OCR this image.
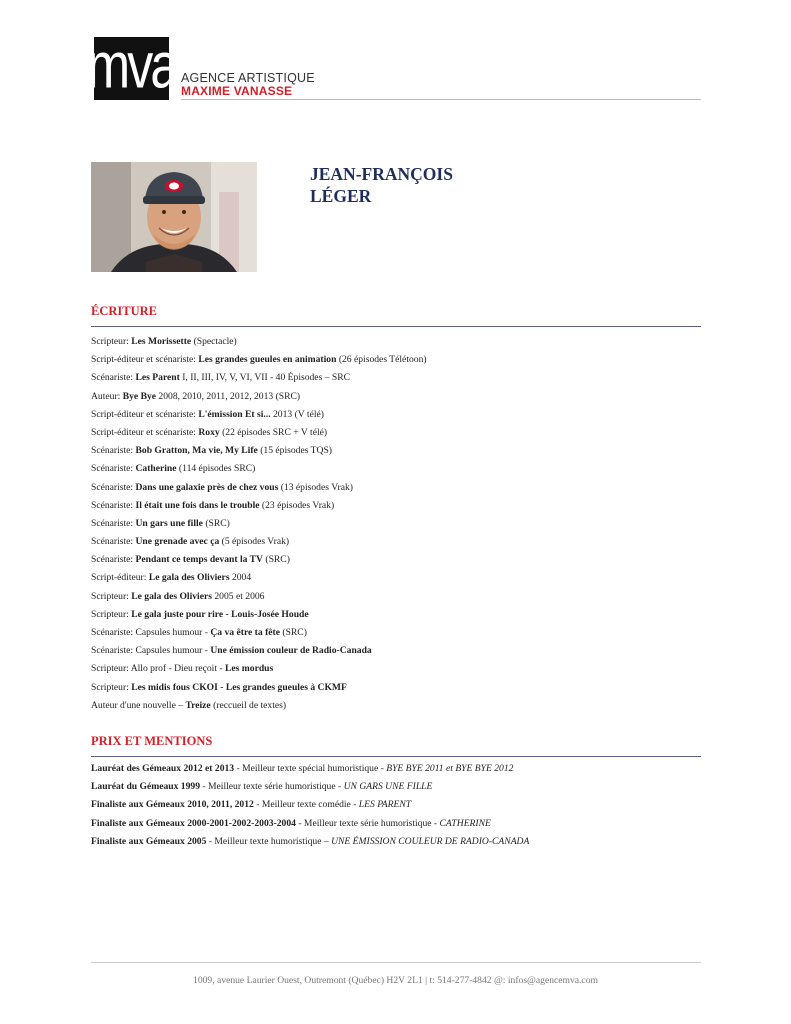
mva AGENCE ARTISTIQUE
MAXIME VANASSE
JEAN-FRANÇOIS
LÉGER
ÉCRITURE
Scripteur: Les Morissette (Spectacle)
Script-éditeur et scénariste: Les grandes gueules en animation (26 épisodes Télétoon)
Scénariste: Les Parent I, II, III, IV, V, VI, VII - 40 Épisodes – SRC
Auteur: Bye Bye 2008, 2010, 2011, 2012, 2013 (SRC)
Script-éditeur et scénariste: L'émission Et si... 2013 (V télé)
Script-éditeur et scénariste: Roxy (22 épisodes SRC + V télé)
Scénariste: Bob Gratton, Ma vie, My Life (15 épisodes TQS)
Scénariste: Catherine (114 épisodes SRC)
Scénariste: Dans une galaxie près de chez vous (13 épisodes Vrak)
Scénariste: Il était une fois dans le trouble (23 épisodes Vrak)
Scénariste: Un gars une fille (SRC)
Scénariste: Une grenade avec ça (5 épisodes Vrak)
Scénariste: Pendant ce temps devant la TV (SRC)
Script-éditeur: Le gala des Oliviers 2004
Scripteur: Le gala des Oliviers 2005 et 2006
Scripteur: Le gala juste pour rire - Louis-Josée Houde
Scénariste: Capsules humour - Ça va être ta fête (SRC)
Scénariste: Capsules humour - Une émission couleur de Radio-Canada
Scripteur: Allo prof - Dieu reçoit - Les mordus
Scripteur: Les midis fous CKOI - Les grandes gueules à CKMF
Auteur d'une nouvelle – Treize (reccueil de textes)
PRIX ET MENTIONS
Lauréat des Gémeaux 2012 et 2013 - Meilleur texte spécial humoristique - BYE BYE 2011 et BYE BYE 2012
Lauréat du Gémeaux 1999 - Meilleur texte série humoristique - UN GARS UNE FILLE
Finaliste aux Gémeaux 2010, 2011, 2012 - Meilleur texte comédie - LES PARENT
Finaliste aux Gémeaux 2000-2001-2002-2003-2004 - Meilleur texte série humoristique - CATHERINE
Finaliste aux Gémeaux 2005 - Meilleur texte humoristique – UNE ÉMISSION COULEUR DE RADIO-CANADA
1009, avenue Laurier Ouest, Outremont (Québec) H2V 2L1 | t: 514-277-4842 @: infos@agencemva.com
